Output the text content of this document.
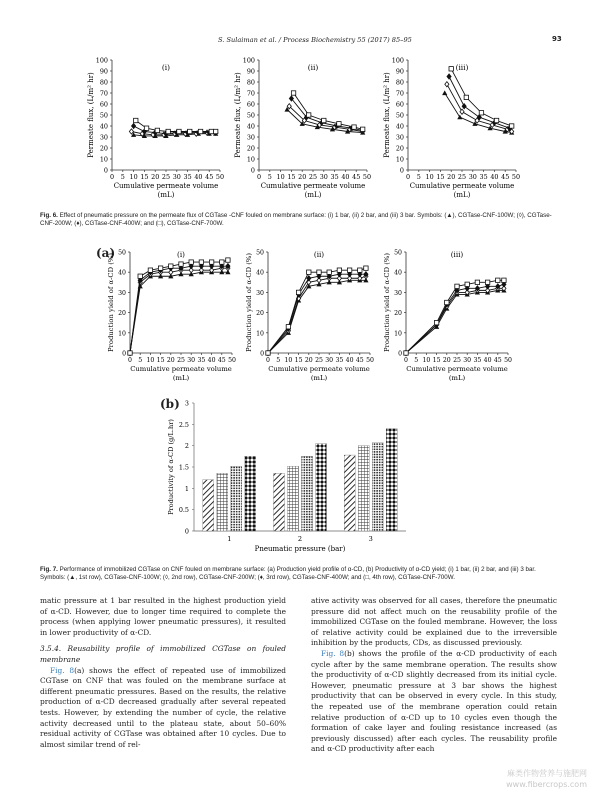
S. Sulaiman et al. / Process Biochemistry 55 (2017) 85–95	93
0
10
20
30
40
50
60
70
80
90
100
0 5 10 15 20 25 30 35 40 45 50
Cumulative permeate volume
(mL)
Permeate flux, (L/m² hr)
(i)
0
10
20
30
40
50
60
70
80
90
100
0 5 10 15 20 25 30 35 40 45 50
Cumulative permeate volume
(mL)
Permeate flux, (L/m² hr)
(ii)
0
10
20
30
40
50
60
70
80
90
100
0 5 10 15 20 25 30 35 40 45 50
Cumulative permeate volume
(mL)
Permeate flux, (L/m² hr)
(iii)
Fig. 6. Effect of pneumatic pressure on the permeate flux of CGTase -CNF fouled on membrane surface: (i) 1 bar, (ii) 2 bar, and (iii) 3 bar. Symbols: (▲), CGTase-CNF-100W; (◊), CGTase-CNF-200W; (♦), CGTase-CNF-400W; and (□), CGTase-CNF-700W.
(a)
0
10
20
30
40
50
0 5 10 15 20 25 30 35 40 45 50
Cumulative permeate volume
(mL)
Production yield of α-CD (%)	(i)
0
10
20
30
40
50
0 5 10 15 20 25 30 35 40 45 50
Cumulative permeate volume
(mL)
Production yield of α-CD (%)	(ii)
0
10
20
30
40
50
0 5 10 15 20 25 30 35 40 45 50
Cumulative permeate volume
(mL)
Production yield of α-CD (%)	(iii)
(b)
0
0.5
1
1.5
2
2.5
3
1	2	3
Pneumatic pressure (bar)
Productivity of α-CD (g/L.hr)
Fig. 7. Performance of immobilized CGTase on CNF fouled on membrane surface: (a) Production yield profile of α-CD, (b) Productivity of α-CD yield; (i) 1 bar, (ii) 2 bar, and (iii) 3 bar. Symbols: (▲, 1st row), CGTase-CNF-100W; (◊, 2nd row), CGTase-CNF-200W; (♦, 3rd row), CGTase-CNF-400W; and (□, 4th row), CGTase-CNF-700W.

matic pressure at 1 bar resulted in the highest production yield of α-CD. However, due to longer time required to complete the process (when applying lower pneumatic pressures), it resulted in lower productivity of α-CD.

3.5.4. Reusability profile of immobilized CGTase on fouled membrane

Fig. 8(a) shows the effect of repeated use of immobilized CGTase on CNF that was fouled on the membrane surface at different pneumatic pressures. Based on the results, the relative production of α-CD decreased gradually after several repeated tests. However, by extending the number of cycle, the relative activity decreased until to the plateau state, about 50–60% residual activity of CGTase was obtained after 10 cycles. Due to almost similar trend of rel-

ative activity was observed for all cases, therefore the pneumatic pressure did not affect much on the reusability profile of the immobilized CGTase on the fouled membrane. However, the loss of relative activity could be explained due to the irreversible inhibition by the products, CDs, as discussed previously.

Fig. 8(b) shows the profile of the α-CD productivity of each cycle after by the same membrane operation. The results show the productivity of α-CD slightly decreased from its initial cycle. However, pneumatic pressure at 3 bar shows the highest productivity that can be observed in every cycle. In this study, the repeated use of the membrane operation could retain relative production of α-CD up to 10 cycles even though the formation of cake layer and fouling resistance increased (as previously discussed) after each cycles. The reusability profile and α-CD productivity after each

麻类作物营养与施肥网
www.fibercrops.com
